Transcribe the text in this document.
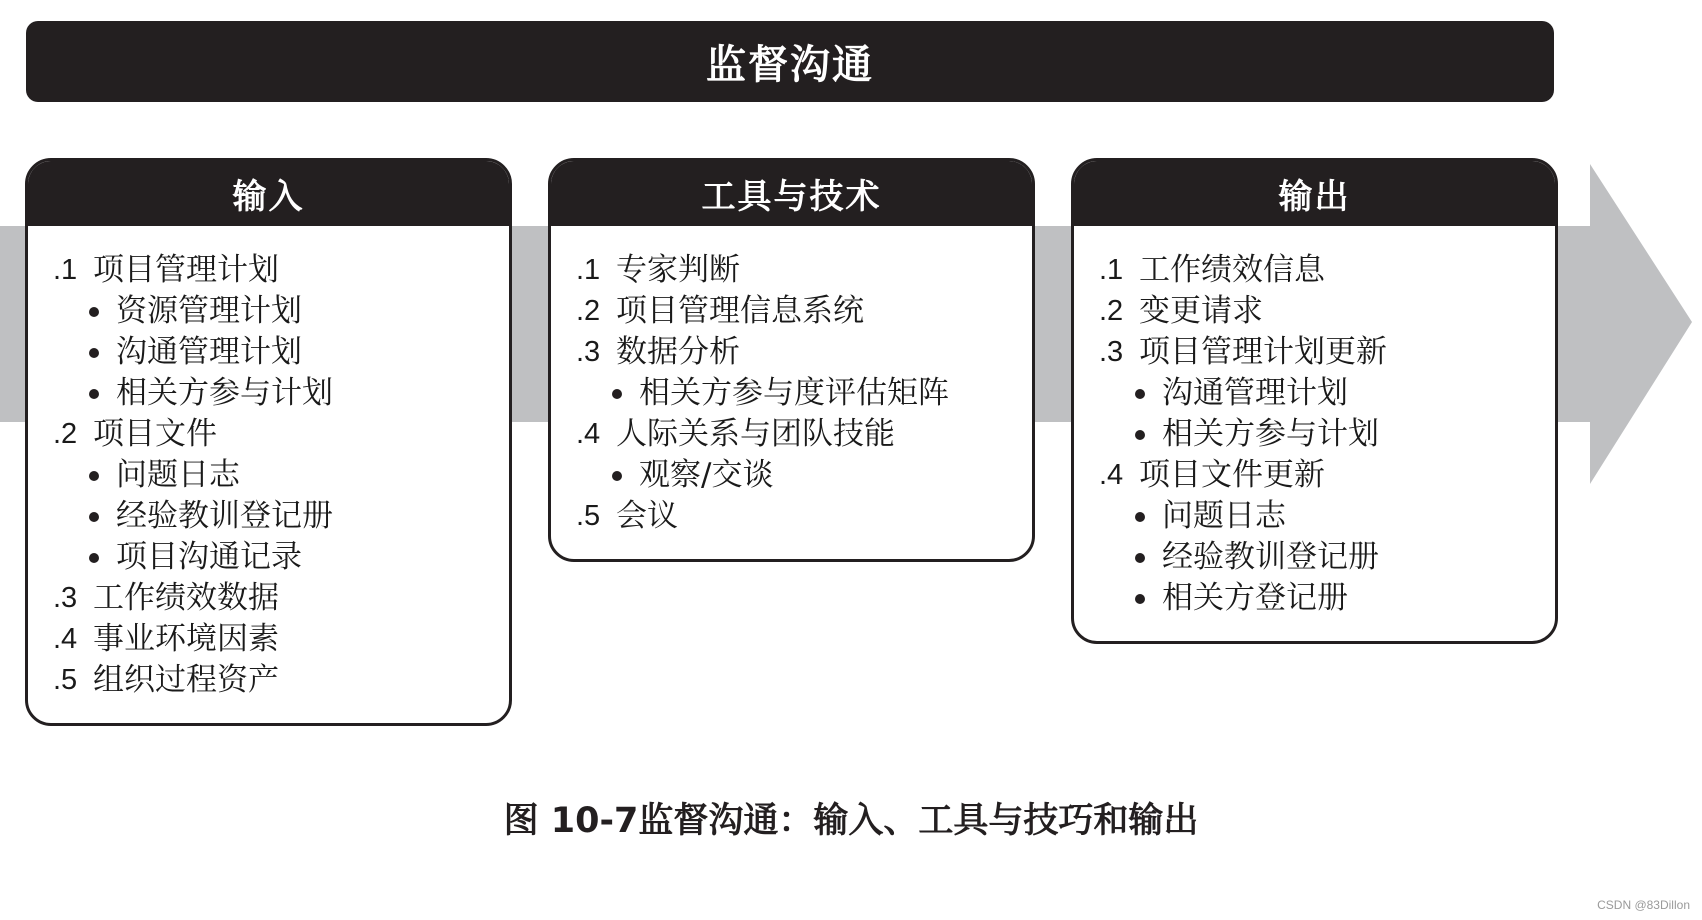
监督沟通
输入
.1 项目管理计划
资源管理计划
沟通管理计划
相关方参与计划
.2 项目文件
问题日志
经验教训登记册
项目沟通记录
.3 工作绩效数据
.4 事业环境因素
.5 组织过程资产
工具与技术
.1 专家判断
.2 项目管理信息系统
.3 数据分析
相关方参与度评估矩阵
.4 人际关系与团队技能
观察/交谈
.5 会议
输出
.1 工作绩效信息
.2 变更请求
.3 项目管理计划更新
沟通管理计划
相关方参与计划
.4 项目文件更新
问题日志
经验教训登记册
相关方登记册
图 10-7监督沟通：输入、工具与技巧和输出
CSDN @83Dillon
